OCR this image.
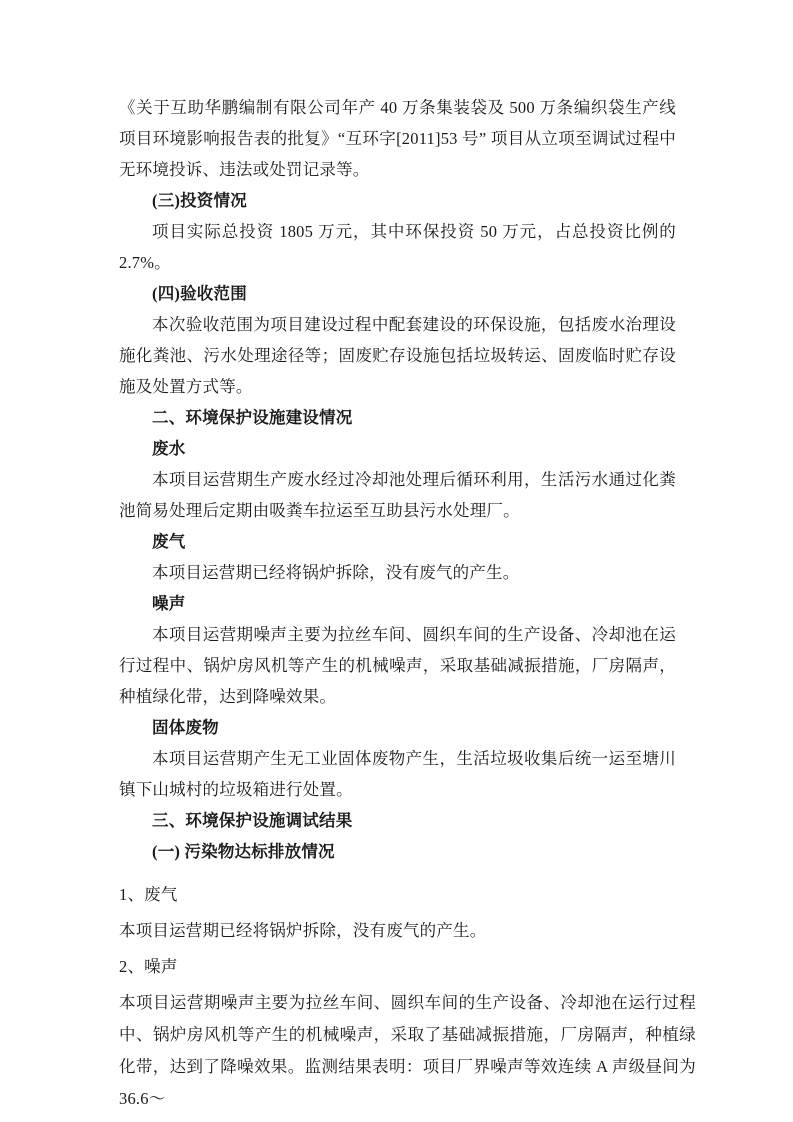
《关于互助华鹏编制有限公司年产 40 万条集装袋及 500 万条编织袋生产线项目环境影响报告表的批复》“互环字[2011]53 号” 项目从立项至调试过程中无环境投诉、违法或处罚记录等。

(三)投资情况

项目实际总投资 1805 万元，其中环保投资 50 万元，占总投资比例的 2.7%。

(四)验收范围

本次验收范围为项目建设过程中配套建设的环保设施，包括废水治理设施化粪池、污水处理途径等；固废贮存设施包括垃圾转运、固废临时贮存设施及处置方式等。

二、环境保护设施建设情况

废水

本项目运营期生产废水经过冷却池处理后循环利用，生活污水通过化粪池简易处理后定期由吸粪车拉运至互助县污水处理厂。

废气

本项目运营期已经将锅炉拆除，没有废气的产生。

噪声

本项目运营期噪声主要为拉丝车间、圆织车间的生产设备、冷却池在运行过程中、锅炉房风机等产生的机械噪声，采取基础减振措施，厂房隔声，种植绿化带，达到降噪效果。

固体废物

本项目运营期产生无工业固体废物产生，生活垃圾收集后统一运至塘川镇下山城村的垃圾箱进行处置。

三、环境保护设施调试结果

(一) 污染物达标排放情况

1、废气

本项目运营期已经将锅炉拆除，没有废气的产生。

2、噪声

本项目运营期噪声主要为拉丝车间、圆织车间的生产设备、冷却池在运行过程中、锅炉房风机等产生的机械噪声，采取了基础减振措施，厂房隔声，种植绿化带，达到了降噪效果。监测结果表明：项目厂界噪声等效连续 A 声级昼间为 36.6～
